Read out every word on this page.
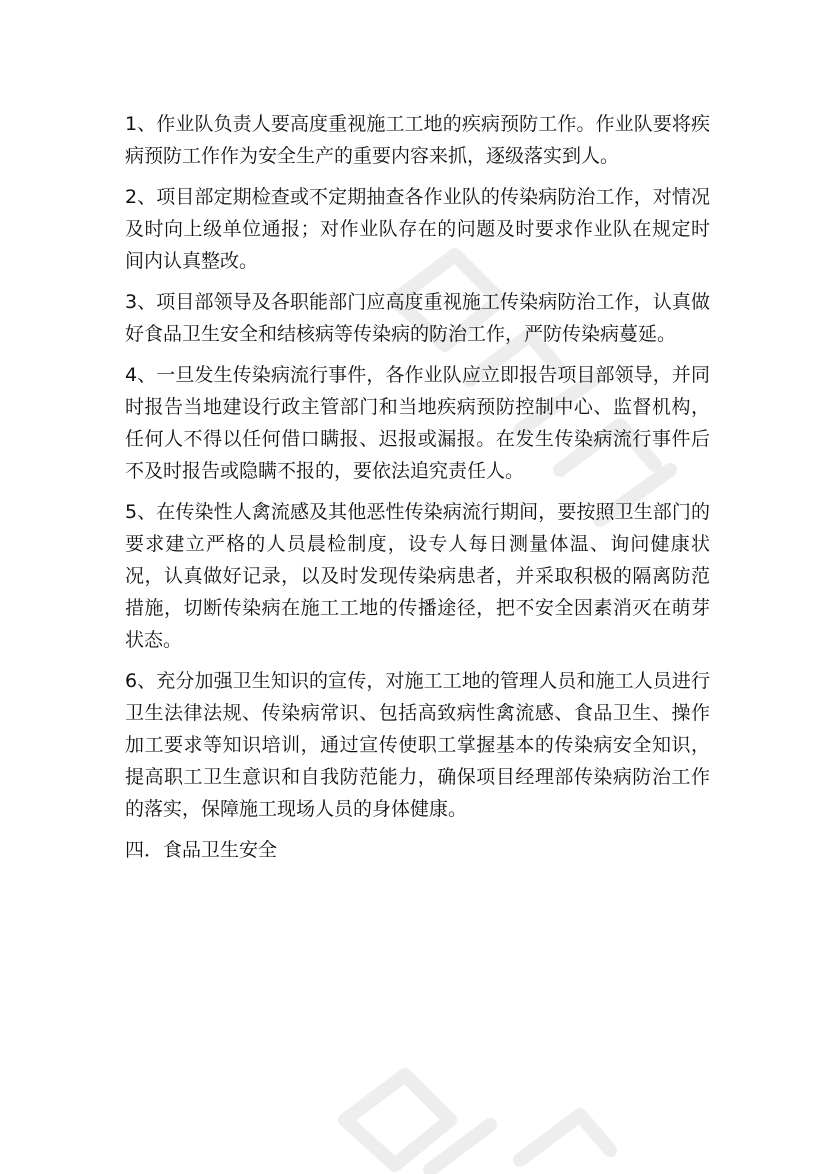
1、作业队负责人要高度重视施工工地的疾病预防工作。作业队要将疾病预防工作作为安全生产的重要内容来抓，逐级落实到人。

2、项目部定期检查或不定期抽查各作业队的传染病防治工作，对情况及时向上级单位通报；对作业队存在的问题及时要求作业队在规定时间内认真整改。

3、项目部领导及各职能部门应高度重视施工传染病防治工作，认真做好食品卫生安全和结核病等传染病的防治工作，严防传染病蔓延。

4、一旦发生传染病流行事件，各作业队应立即报告项目部领导，并同时报告当地建设行政主管部门和当地疾病预防控制中心、监督机构，任何人不得以任何借口瞒报、迟报或漏报。在发生传染病流行事件后不及时报告或隐瞒不报的，要依法追究责任人。

5、在传染性人禽流感及其他恶性传染病流行期间，要按照卫生部门的要求建立严格的人员晨检制度，设专人每日测量体温、询问健康状况，认真做好记录，以及时发现传染病患者，并采取积极的隔离防范措施，切断传染病在施工工地的传播途径，把不安全因素消灭在萌芽状态。

6、充分加强卫生知识的宣传，对施工工地的管理人员和施工人员进行卫生法律法规、传染病常识、包括高致病性禽流感、食品卫生、操作加工要求等知识培训，通过宣传使职工掌握基本的传染病安全知识，提高职工卫生意识和自我防范能力，确保项目经理部传染病防治工作的落实，保障施工现场人员的身体健康。

四．食品卫生安全
